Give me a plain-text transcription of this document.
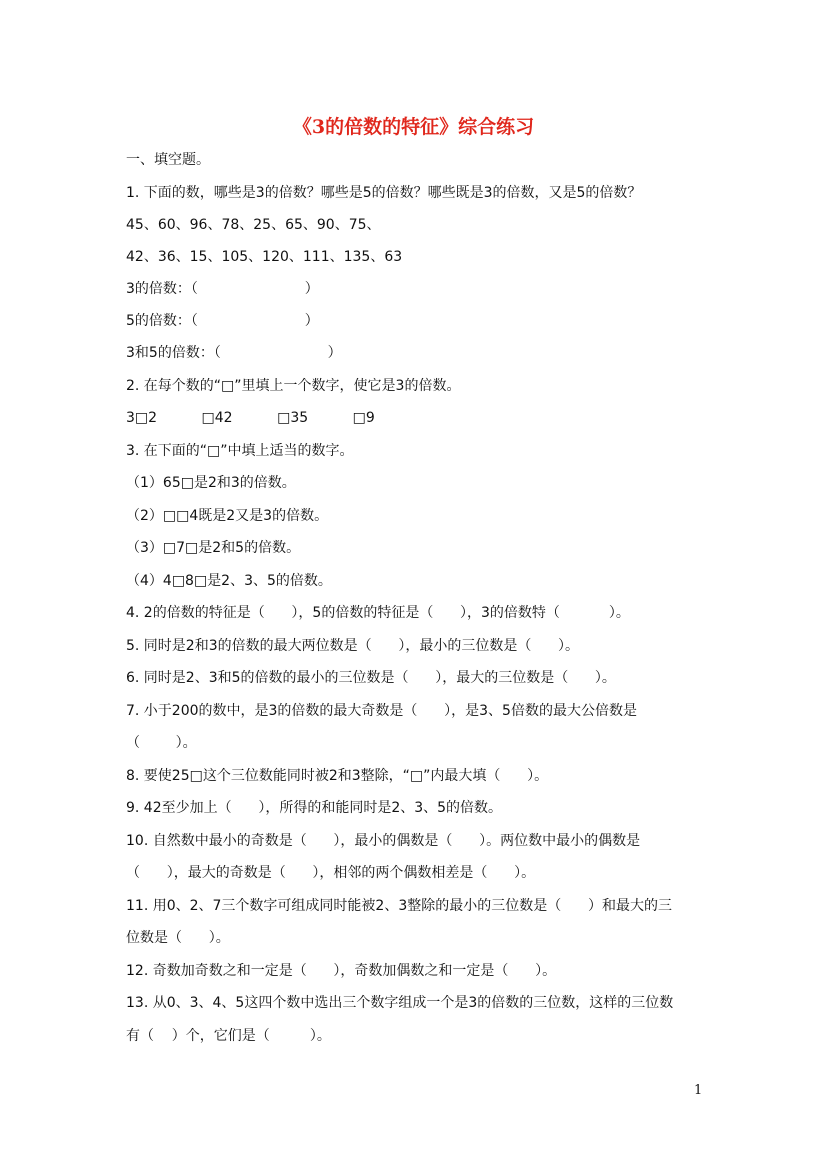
《3的倍数的特征》综合练习
一、填空题。
1. 下面的数，哪些是3的倍数？哪些是5的倍数？哪些既是3的倍数，又是5的倍数？
45、60、96、78、25、65、90、75、
42、36、15、105、120、111、135、63
3的倍数：（                        ）
5的倍数：（                        ）
3和5的倍数：（                        ）
2. 在每个数的“□”里填上一个数字，使它是3的倍数。
3□2          □42          □35          □9
3. 在下面的“□”中填上适当的数字。
（1）65□是2和3的倍数。
（2）□□4既是2又是3的倍数。
（3）□7□是2和5的倍数。
（4）4□8□是2、3、5的倍数。
4. 2的倍数的特征是（      ），5的倍数的特征是（      ），3的倍数特（           ）。
5. 同时是2和3的倍数的最大两位数是（      ），最小的三位数是（      ）。
6. 同时是2、3和5的倍数的最小的三位数是（      ），最大的三位数是（      ）。
7. 小于200的数中，是3的倍数的最大奇数是（      ），是3、5倍数的最大公倍数是
（        ）。
8. 要使25□这个三位数能同时被2和3整除，“□”内最大填（      ）。
9. 42至少加上（      ），所得的和能同时是2、3、5的倍数。
10. 自然数中最小的奇数是（      ），最小的偶数是（      ）。两位数中最小的偶数是
（      ），最大的奇数是（      ），相邻的两个偶数相差是（      ）。
11. 用0、2、7三个数字可组成同时能被2、3整除的最小的三位数是（      ）和最大的三
位数是（      ）。
12. 奇数加奇数之和一定是（      ），奇数加偶数之和一定是（      ）。
13. 从0、3、4、5这四个数中选出三个数字组成一个是3的倍数的三位数，这样的三位数
有（    ）个，它们是（         ）。
1
